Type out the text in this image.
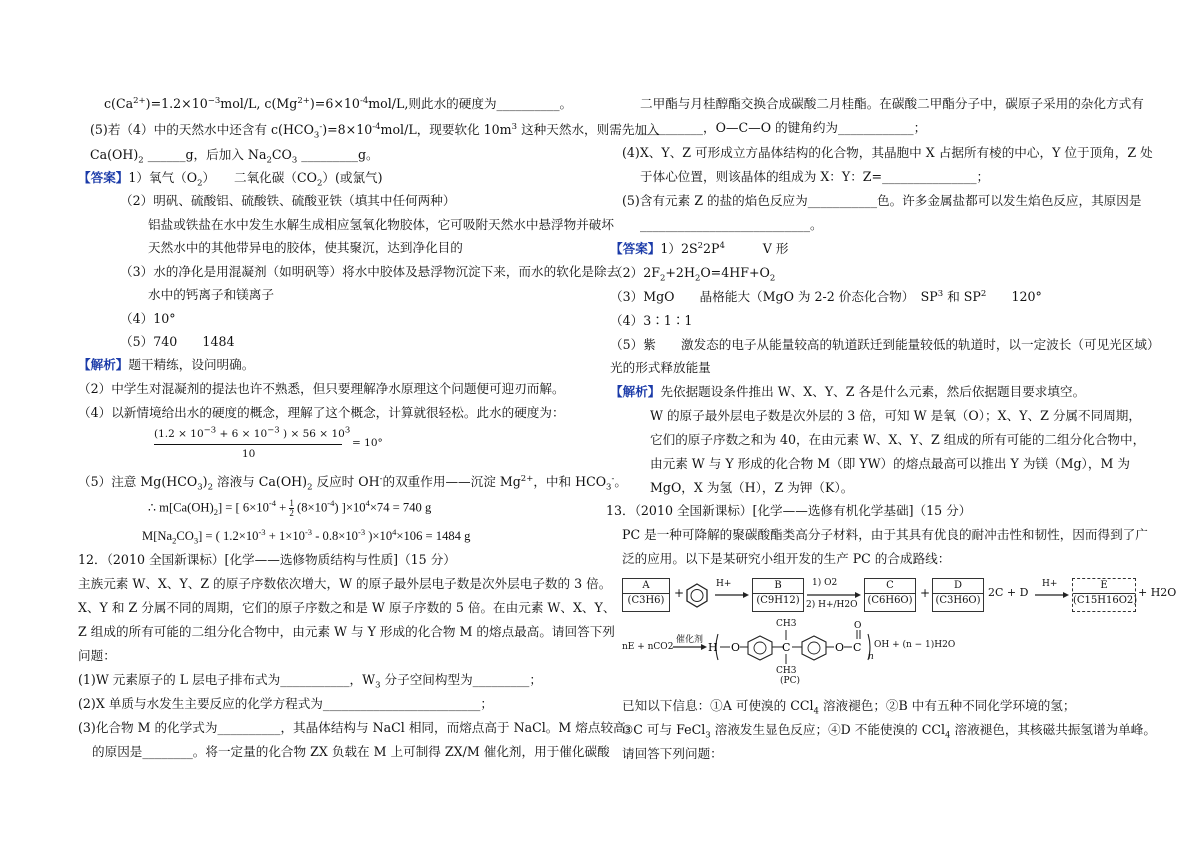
$c(Ca^{2+})=1.2\times 10^{-3}mol/L$, $c(Mg^{2+})=6\times 10^{-4}mol/L$,则此水的硬度为__________。
(5)若（4）中的天然水中还含有 $c(HCO_3^-)=8\times 10^{-4}mol/L$，现要软化 $10m^3$ 这种天然水，则需先加入
$Ca(OH)_2$ ______g，后加入 $Na_2CO_3$ _________g。
【答案】1）氧气$(O_2)$　　二氧化碳$(CO_2)$(或氯气)
（2）明矾、硫酸铝、硫酸铁、硫酸亚铁（填其中任何两种）
铝盐或铁盐在水中发生水解生成相应氢氧化物胶体，它可吸附天然水中悬浮物并破坏
天然水中的其他带异电的胶体，使其聚沉，达到净化目的
（3）水的净化是用混凝剂（如明矾等）将水中胶体及悬浮物沉淀下来，而水的软化是除去
水中的钙离子和镁离子
（4）10°
（5）740　　1484
【解析】题干精练，设问明确。
（2）中学生对混凝剂的提法也许不熟悉，但只要理解净水原理这个问题便可迎刃而解。
（4）以新情境给出水的硬度的概念，理解了这个概念，计算就很轻松。此水的硬度为：
($1.2 \times 10^{-3} + 6 \times 10^{-3}$ ) × $56 \times 10^3$
10
= 10°
（5）注意 $Mg(HCO_3)_2$ 溶液与 $Ca(OH)_2$ 反应时 OH-的双重作用——沉淀 $Mg^{2+}$，中和 $HCO_3^-$。
∴ $m[Ca(OH)_2]$ = [ $6\times 10^{-4} + \frac{1}{2} (8\times 10^{-4}) ]\times 10^4\times 74 = 740$ g
$M[Na_2CO_3]$ = ( $1.2\times 10^{-3} + 1\times 10^{-3} - 0.8\times 10^{-3}$ )$\times 10^4\times 106 = 1484$ g
12．（2010 全国新课标）[化学——选修物质结构与性质]（15 分）
主族元素 W、X、Y、Z 的原子序数依次增大，W 的原子最外层电子数是次外层电子数的 3 倍。
X、Y 和 Z 分属不同的周期，它们的原子序数之和是 W 原子序数的 5 倍。在由元素 W、X、Y、
Z 组成的所有可能的二组分化合物中，由元素 W 与 Y 形成的化合物 M 的熔点最高。请回答下列
问题：
(1)W 元素原子的 L 层电子排布式为___________，$W_3$ 分子空间构型为_________；
(2)X 单质与水发生主要反应的化学方程式为_________________________；
(3)化合物 M 的化学式为__________，其晶体结构与 NaCl 相同，而熔点高于 NaCl。M 熔点较高
的原因是________。将一定量的化合物 ZX 负载在 M 上可制得 ZX/M 催化剂，用于催化碳酸
二甲酯与月桂醇酯交换合成碳酸二月桂酯。在碳酸二甲酯分子中，碳原子采用的杂化方式有
__________，O—C—O 的键角约为____________；
(4)X、Y、Z 可形成立方晶体结构的化合物，其晶胞中 X 占据所有棱的中心，Y 位于顶角，Z 处
于体心位置，则该晶体的组成为 X：Y：Z=_______________；
(5)含有元素 Z 的盐的焰色反应为___________色。许多金属盐都可以发生焰色反应，其原因是
___________________________。
【答案】$1)2S^22P^4$　　　V 形
$(2)2F_2+2H_2O=4HF+O_2$
（3）MgO　　晶格能大（MgO 为 2-2 价态化合物）　$SP^3$ 和 $SP^2$　　120°
（4）3∶1∶1
（5）紫　　激发态的电子从能量较高的轨道跃迁到能量较低的轨道时，以一定波长（可见光区域）
光的形式释放能量
【解析】先依据题设条件推出 W、X、Y、Z 各是什么元素，然后依据题目要求填空。
W 的原子最外层电子数是次外层的 3 倍，可知 W 是氧（O）；X、Y、Z 分属不同周期，
它们的原子序数之和为 40，在由元素 W、X、Y、Z 组成的所有可能的二组分化合物中，
由元素 W 与 Y 形成的化合物 M（即 YW）的熔点最高可以推出 Y 为镁（Mg），M 为
MgO，X 为氢（H），Z 为钾（K）。
13．（2010 全国新课标）[化学——选修有机化学基础]（15 分）
PC 是一种可降解的聚碳酸酯类高分子材料，由于其具有优良的耐冲击性和韧性，因而得到了广
泛的应用。以下是某研究小组开发的生产 PC 的合成路线：
A
(C3H6)
+
H+	B
(C9H12)
1) O2
2) H+/H2O
C
(C6H6O)
+
D
(C3H6O)
2C + D
H+	E
(C15H16O2)
+ H2O
nE + nCO2
催化剂
H O	C	O C
O
CH3
CH3
n
OH + (n − 1)H2O
(PC)
已知以下信息：①A 可使溴的 CCl$_4$ 溶液褪色；②B 中有五种不同化学环境的氢；
③C 可与 FeCl$_3$ 溶液发生显色反应；④D 不能使溴的 CCl$_4$ 溶液褪色，其核磁共振氢谱为单峰。
请回答下列问题：
